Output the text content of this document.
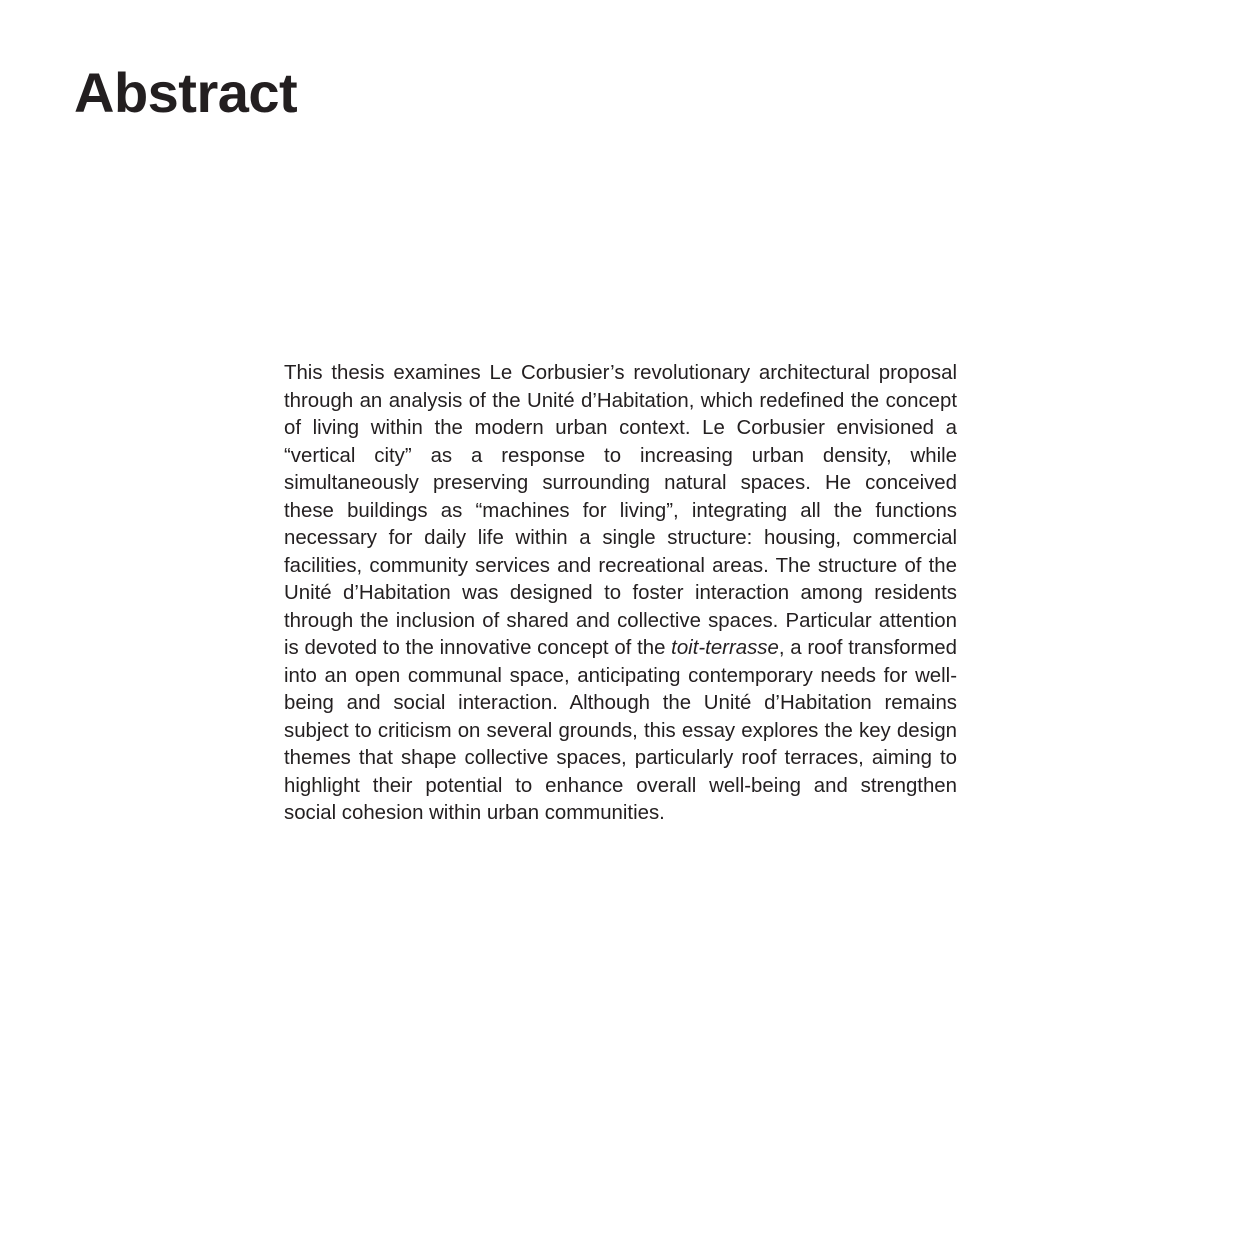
Abstract

This thesis examines Le Corbusier’s revolutionary architectural proposal through an analysis of the Unité d’Habitation, which redefined the concept of living within the modern urban context. Le Corbusier envisioned a “vertical city” as a response to increasing urban density, while simultaneously preserving surrounding natural spaces. He conceived these buildings as “machines for living”, integrating all the functions necessary for daily life within a single structure: housing, commercial facilities, community services and recreational areas. The structure of the Unité d’Habitation was designed to foster interaction among residents through the inclusion of shared and collective spaces. Particular attention is devoted to the innovative concept of the toit-terrasse, a roof transformed into an open communal space, anticipating contemporary needs for well-being and social interaction. Although the Unité d’Habitation remains subject to criticism on several grounds, this essay explores the key design themes that shape collective spaces, particularly roof terraces, aiming to highlight their potential to enhance overall well-being and strengthen social cohesion within urban communities.
